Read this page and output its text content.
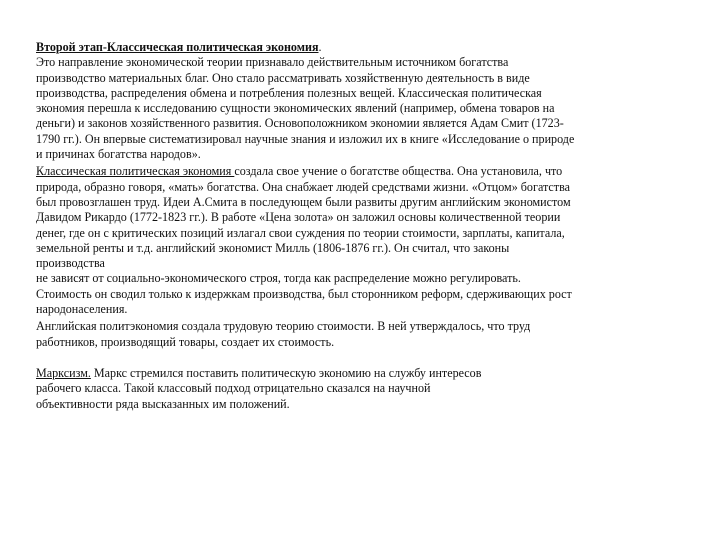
Второй этап-Классическая политическая экономия.
Это направление экономической теории признавало действительным источником богатства
производство материальных благ. Оно стало рассматривать хозяйственную деятельность в виде
производства, распределения обмена и потребления полезных вещей. Классическая политическая
экономия перешла к исследованию сущности экономических явлений (например, обмена товаров на
деньги) и законов хозяйственного развития. Основоположником экономии является Адам Смит (1723-
1790 гг.). Он впервые систематизировал научные знания и изложил их в книге «Исследование о природе
и причинах богатства народов».
Классическая политическая экономия создала свое учение о богатстве общества. Она установила, что
природа, образно говоря, «мать» богатства. Она снабжает людей средствами жизни. «Отцом» богатства
был провозглашен труд. Идеи А.Смита в последующем были развиты другим английским экономистом
Давидом Рикардо (1772-1823 гг.). В работе «Цена золота» он заложил основы количественной теории
денег, где он с критических позиций излагал свои суждения по теории стоимости, зарплаты, капитала,
земельной ренты и т.д. английский экономист Милль (1806-1876 гг.). Он считал, что законы
производства
не зависят от социально-экономического строя, тогда как распределение можно регулировать.
Стоимость он сводил только к издержкам производства, был сторонником реформ, сдерживающих рост
народонаселения.
Английская политэкономия создала трудовую теорию стоимости. В ней утверждалось, что труд
работников, производящий товары, создает их стоимость.
Марксизм. Маркс стремился поставить политическую экономию на службу интересов
рабочего класса. Такой классовый подход отрицательно сказался на научной
объективности ряда высказанных им положений.
